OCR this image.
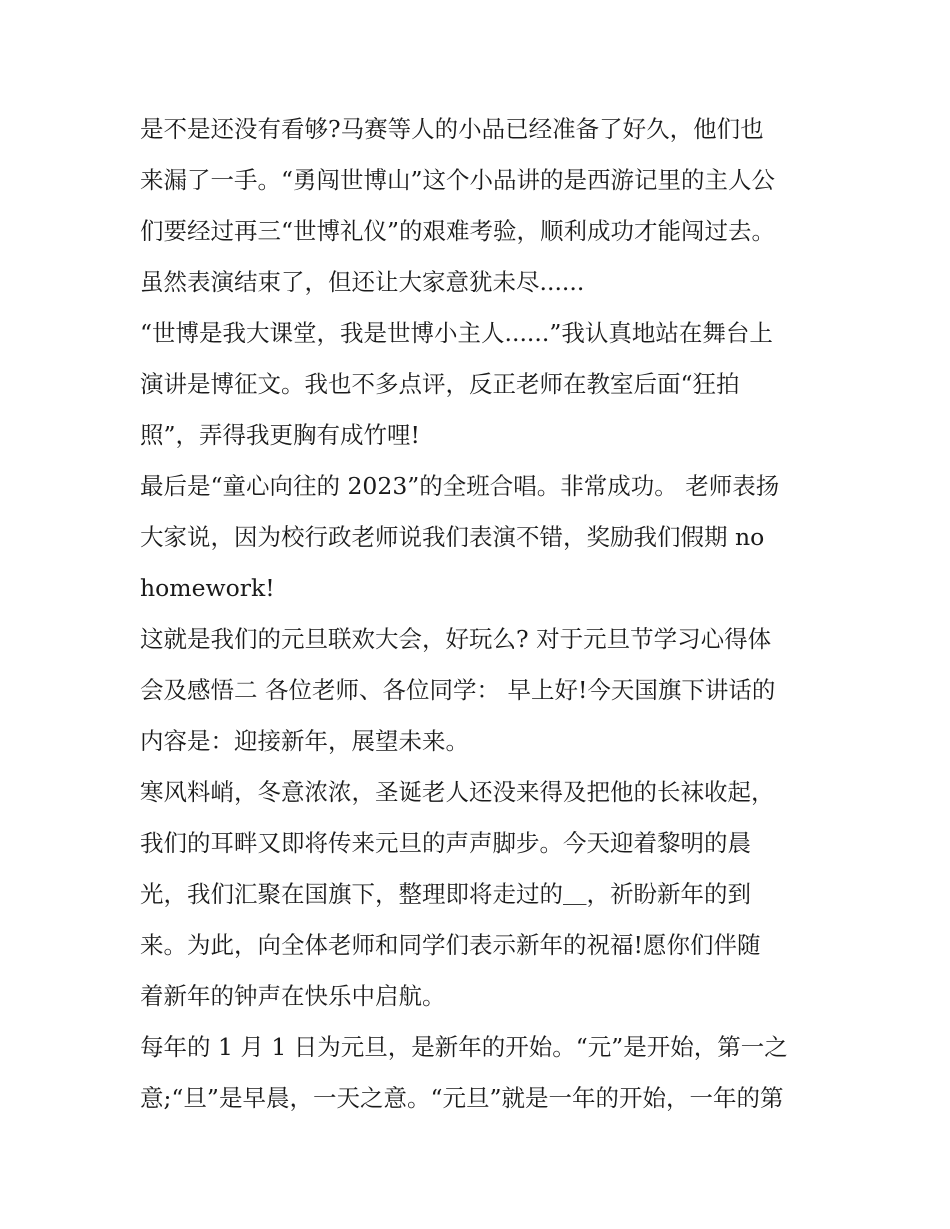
是不是还没有看够?马赛等人的小品已经准备了好久，他们也
来漏了一手。“勇闯世博山”这个小品讲的是西游记里的主人公
们要经过再三“世博礼仪”的艰难考验，顺利成功才能闯过去。
虽然表演结束了，但还让大家意犹未尽......
“世博是我大课堂，我是世博小主人......”我认真地站在舞台上
演讲是博征文。我也不多点评，反正老师在教室后面“狂拍
照”，弄得我更胸有成竹哩!
最后是“童心向往的 2023”的全班合唱。非常成功。 老师表扬
大家说，因为校行政老师说我们表演不错，奖励我们假期 no
homework!
这就是我们的元旦联欢大会，好玩么? 对于元旦节学习心得体
会及感悟二 各位老师、各位同学： 早上好!今天国旗下讲话的
内容是：迎接新年，展望未来。
寒风料峭，冬意浓浓，圣诞老人还没来得及把他的长袜收起，
我们的耳畔又即将传来元旦的声声脚步。今天迎着黎明的晨
光，我们汇聚在国旗下，整理即将走过的＿，祈盼新年的到
来。为此，向全体老师和同学们表示新年的祝福!愿你们伴随
着新年的钟声在快乐中启航。
每年的 1 月 1 日为元旦，是新年的开始。“元”是开始，第一之
意;“旦”是早晨，一天之意。“元旦”就是一年的开始，一年的第
